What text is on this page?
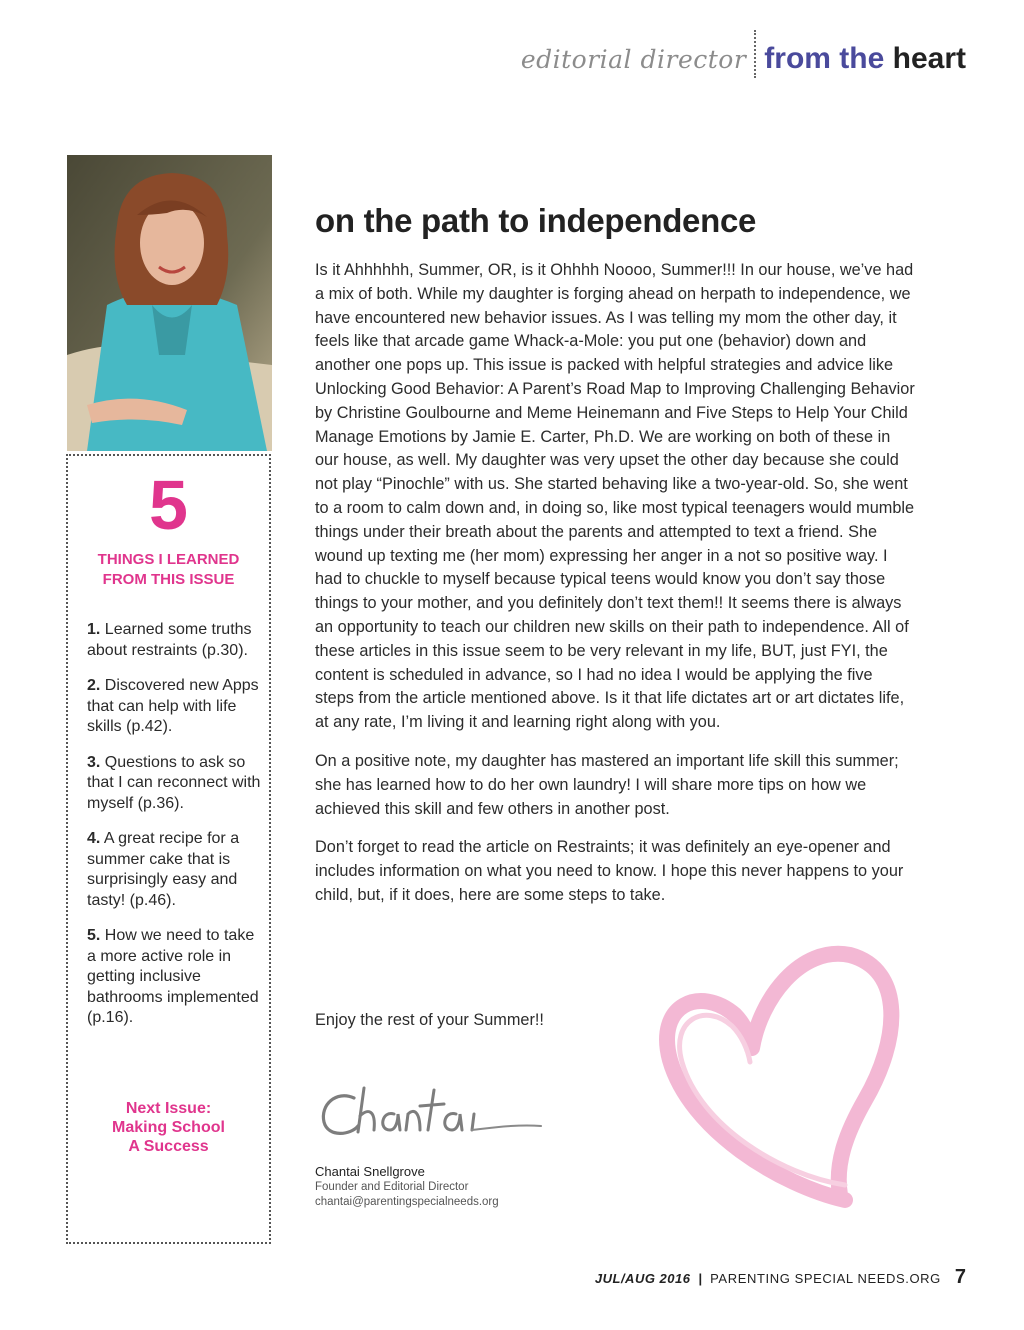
editorial director from the heart
5
THINGS I LEARNED
FROM THIS ISSUE
1. Learned some truths about restraints (p.30).
2. Discovered new Apps that can help with life skills (p.42).
3. Questions to ask so that I can reconnect with myself (p.36).
4. A great recipe for a summer cake that is surprisingly easy and tasty! (p.46).
5. How we need to take a more active role in getting inclusive bathrooms implemented (p.16).
Next Issue:
Making School
A Success
on the path to independence

Is it Ahhhhhh, Summer, OR, is it Ohhhh Noooo, Summer!!! In our house, we’ve had a mix of both. While my daughter is forging ahead on herpath to independence, we have encountered new behavior issues. As I was telling my mom the other day, it feels like that arcade game Whack-a-Mole: you put one (behavior) down and another one pops up. This issue is packed with helpful strategies and advice like Unlocking Good Behavior: A Parent’s Road Map to Improving Challenging Behavior by Christine Goulbourne and Meme Heinemann and Five Steps to Help Your Child Manage Emotions by Jamie E. Carter, Ph.D. We are working on both of these in our house, as well. My daughter was very upset the other day because she could not play “Pinochle” with us. She started behaving like a two-year-old. So, she went to a room to calm down and, in doing so, like most typical teenagers would mumble things under their breath about the parents and attempted to text a friend. She wound up texting me (her mom) expressing her anger in a not so positive way. I had to chuckle to myself because typical teens would know you don’t say those things to your mother, and you definitely don’t text them!! It seems there is always an opportunity to teach our children new skills on their path to independence. All of these articles in this issue seem to be very relevant in my life, BUT, just FYI, the content is scheduled in advance, so I had no idea I would be applying the five steps from the article mentioned above. Is it that life dictates art or art dictates life, at any rate, I’m living it and learning right along with you.

On a positive note, my daughter has mastered an important life skill this summer; she has learned how to do her own laundry! I will share more tips on how we achieved this skill and few others in another post.

Don’t forget to read the article on Restraints; it was definitely an eye-opener and includes information on what you need to know. I hope this never happens to your child, but, if it does, here are some steps to take.

Enjoy the rest of your Summer!!
Chantai Snellgrove
Founder and Editorial Director
chantai@parentingspecialneeds.org
JUL/AUG 2016 | PARENTING SPECIAL NEEDS.ORG 7
